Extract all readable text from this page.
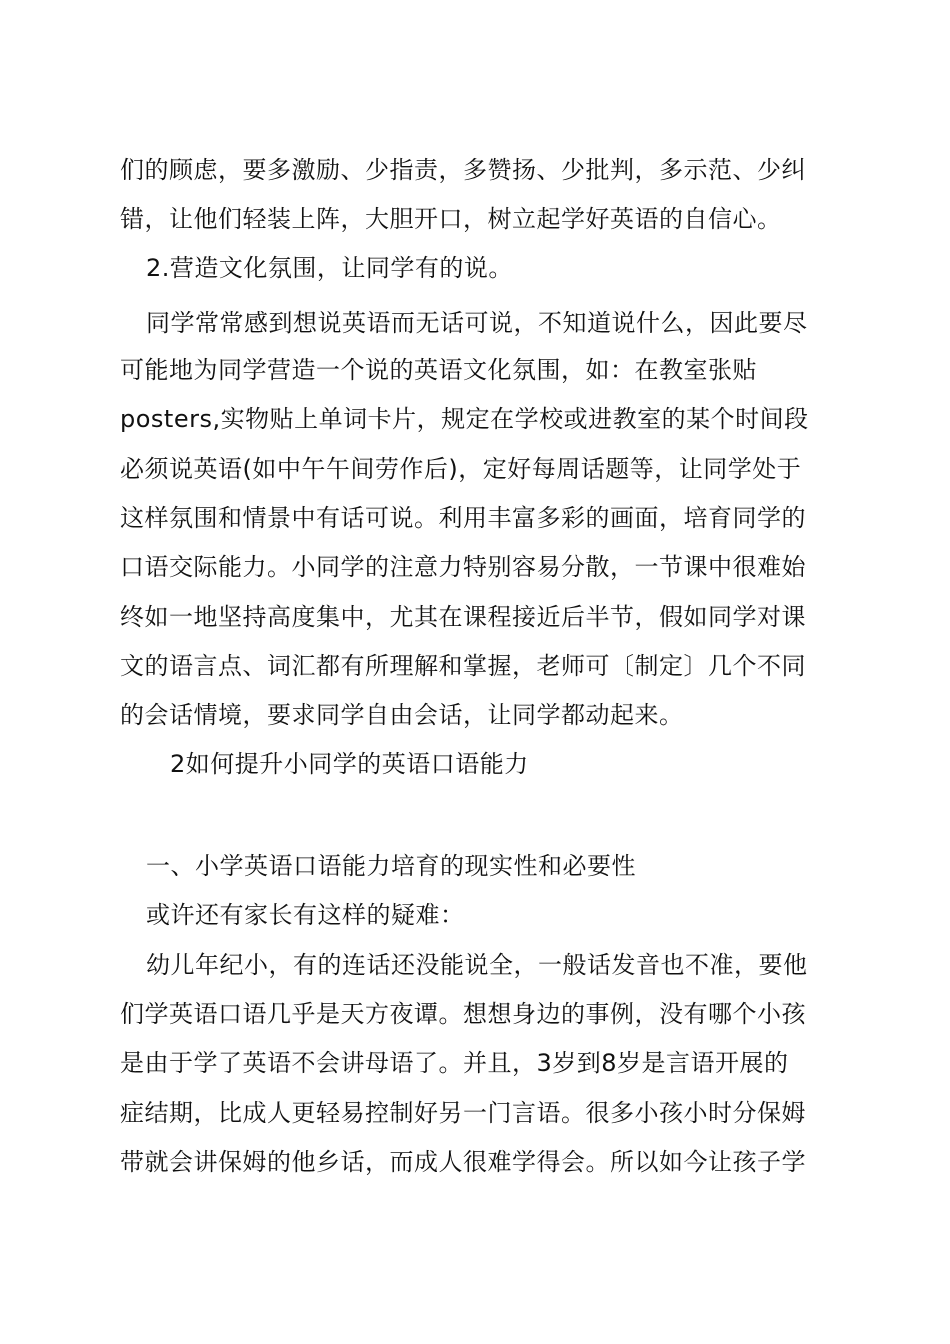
们的顾虑，要多激励、少指责，多赞扬、少批判，多示范、少纠
错，让他们轻装上阵，大胆开口，树立起学好英语的自信心。
2.营造文化氛围，让同学有的说。
同学常常感到想说英语而无话可说，不知道说什么，因此要尽
可能地为同学营造一个说的英语文化氛围，如：在教室张贴
posters,实物贴上单词卡片，规定在学校或进教室的某个时间段
必须说英语(如中午午间劳作后)，定好每周话题等，让同学处于
这样氛围和情景中有话可说。利用丰富多彩的画面，培育同学的
口语交际能力。小同学的注意力特别容易分散，一节课中很难始
终如一地坚持高度集中，尤其在课程接近后半节，假如同学对课
文的语言点、词汇都有所理解和掌握，老师可〔制定〕几个不同
的会话情境，要求同学自由会话，让同学都动起来。
2如何提升小同学的英语口语能力
一、小学英语口语能力培育的现实性和必要性
或许还有家长有这样的疑难：
幼儿年纪小，有的连话还没能说全，一般话发音也不准，要他
们学英语口语几乎是天方夜谭。想想身边的事例，没有哪个小孩
是由于学了英语不会讲母语了。并且，3岁到8岁是言语开展的
症结期，比成人更轻易控制好另一门言语。很多小孩小时分保姆
带就会讲保姆的他乡话，而成人很难学得会。所以如今让孩子学
